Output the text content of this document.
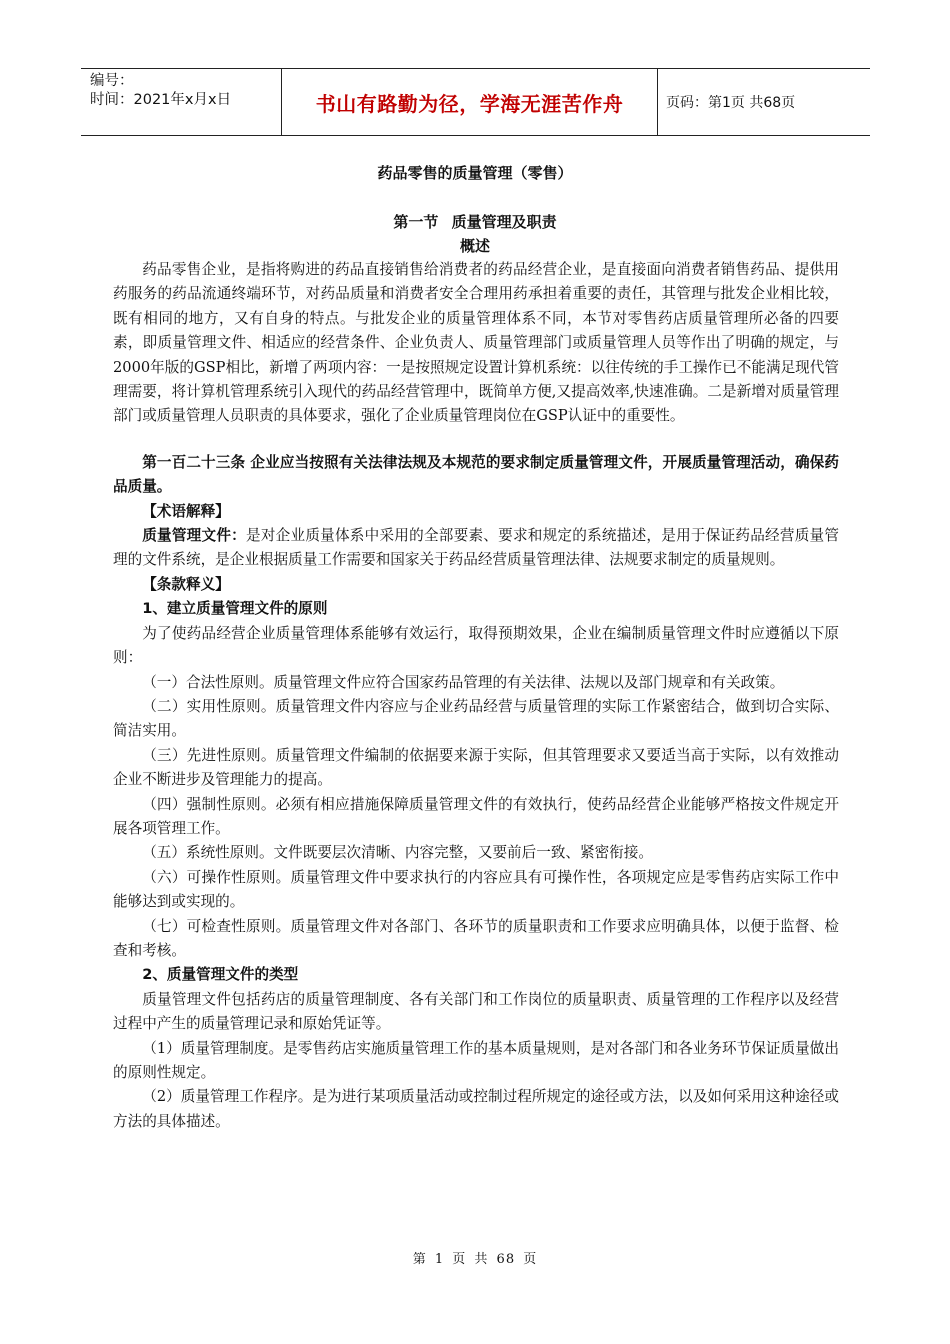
编号：
时间：2021年x月x日	书山有路勤为径，学海无涯苦作舟	页码：第1页 共68页
药品零售的质量管理（零售）
第一节 质量管理及职责
概述

药品零售企业，是指将购进的药品直接销售给消费者的药品经营企业，是直接面向消费者销售药品、提供用药服务的药品流通终端环节，对药品质量和消费者安全合理用药承担着重要的责任，其管理与批发企业相比较，既有相同的地方，又有自身的特点。与批发企业的质量管理体系不同，本节对零售药店质量管理所必备的四要素，即质量管理文件、相适应的经营条件、企业负责人、质量管理部门或质量管理人员等作出了明确的规定，与2000年版的GSP相比，新增了两项内容：一是按照规定设置计算机系统：以往传统的手工操作已不能满足现代管理需要，将计算机管理系统引入现代的药品经营管理中，既简单方便,又提高效率,快速准确。二是新增对质量管理部门或质量管理人员职责的具体要求，强化了企业质量管理岗位在GSP认证中的重要性。

第一百二十三条 企业应当按照有关法律法规及本规范的要求制定质量管理文件，开展质量管理活动，确保药品质量。

【术语解释】

质量管理文件：是对企业质量体系中采用的全部要素、要求和规定的系统描述，是用于保证药品经营质量管理的文件系统，是企业根据质量工作需要和国家关于药品经营质量管理法律、法规要求制定的质量规则。

【条款释义】

1、建立质量管理文件的原则

为了使药品经营企业质量管理体系能够有效运行，取得预期效果，企业在编制质量管理文件时应遵循以下原则：

（一）合法性原则。质量管理文件应符合国家药品管理的有关法律、法规以及部门规章和有关政策。

（二）实用性原则。质量管理文件内容应与企业药品经营与质量管理的实际工作紧密结合，做到切合实际、简洁实用。

（三）先进性原则。质量管理文件编制的依据要来源于实际，但其管理要求又要适当高于实际，以有效推动企业不断进步及管理能力的提高。

（四）强制性原则。必须有相应措施保障质量管理文件的有效执行，使药品经营企业能够严格按文件规定开展各项管理工作。

（五）系统性原则。文件既要层次清晰、内容完整，又要前后一致、紧密衔接。

（六）可操作性原则。质量管理文件中要求执行的内容应具有可操作性，各项规定应是零售药店实际工作中能够达到或实现的。

（七）可检查性原则。质量管理文件对各部门、各环节的质量职责和工作要求应明确具体，以便于监督、检查和考核。

2、质量管理文件的类型

质量管理文件包括药店的质量管理制度、各有关部门和工作岗位的质量职责、质量管理的工作程序以及经营过程中产生的质量管理记录和原始凭证等。

（1）质量管理制度。是零售药店实施质量管理工作的基本质量规则，是对各部门和各业务环节保证质量做出的原则性规定。

（2）质量管理工作程序。是为进行某项质量活动或控制过程所规定的途径或方法，以及如何采用这种途径或方法的具体描述。

第 1 页 共 68 页
